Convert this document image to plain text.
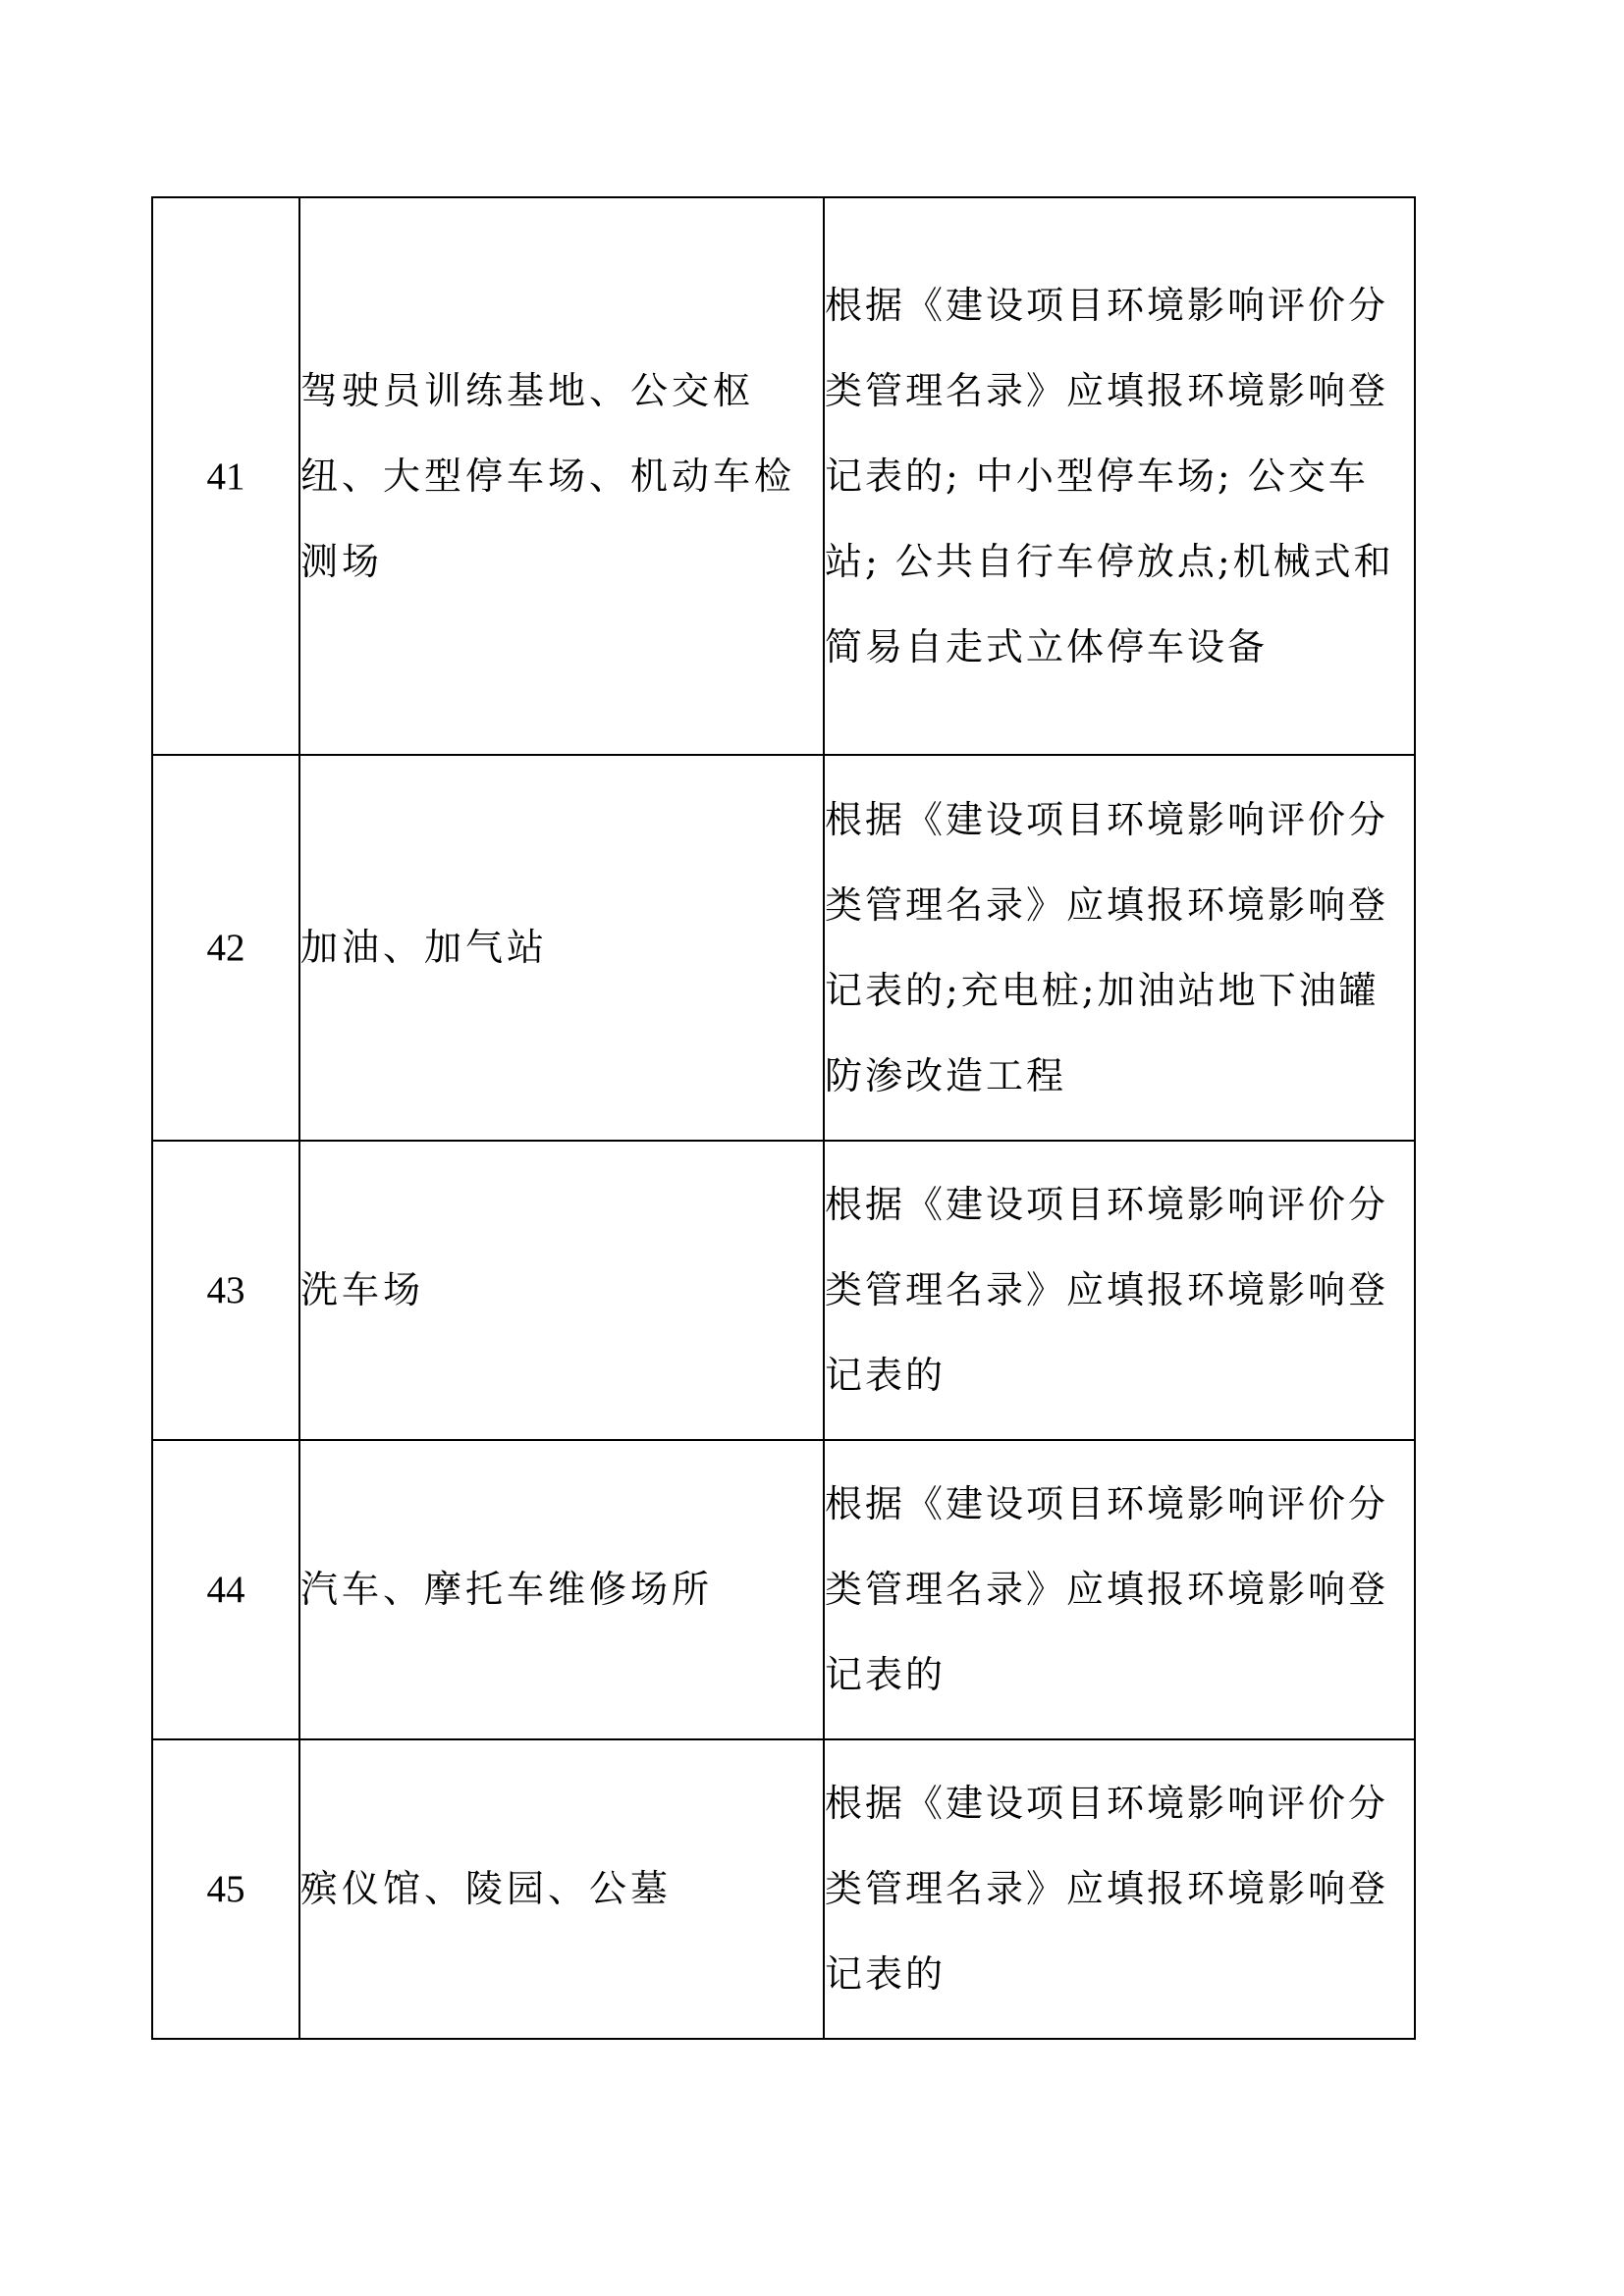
41	驾驶员训练基地、公交枢纽、大型停车场、机动车检测场	根据《建设项目环境影响评价分类管理名录》应填报环境影响登记表的; 中小型停车场; 公交车站; 公共自行车停放点;机械式和简易自走式立体停车设备

42	加油、加气站	根据《建设项目环境影响评价分类管理名录》应填报环境影响登记表的;充电桩;加油站地下油罐防渗改造工程

43	洗车场	根据《建设项目环境影响评价分类管理名录》应填报环境影响登记表的

44	汽车、摩托车维修场所	根据《建设项目环境影响评价分类管理名录》应填报环境影响登记表的

45	殡仪馆、陵园、公墓	根据《建设项目环境影响评价分类管理名录》应填报环境影响登记表的
